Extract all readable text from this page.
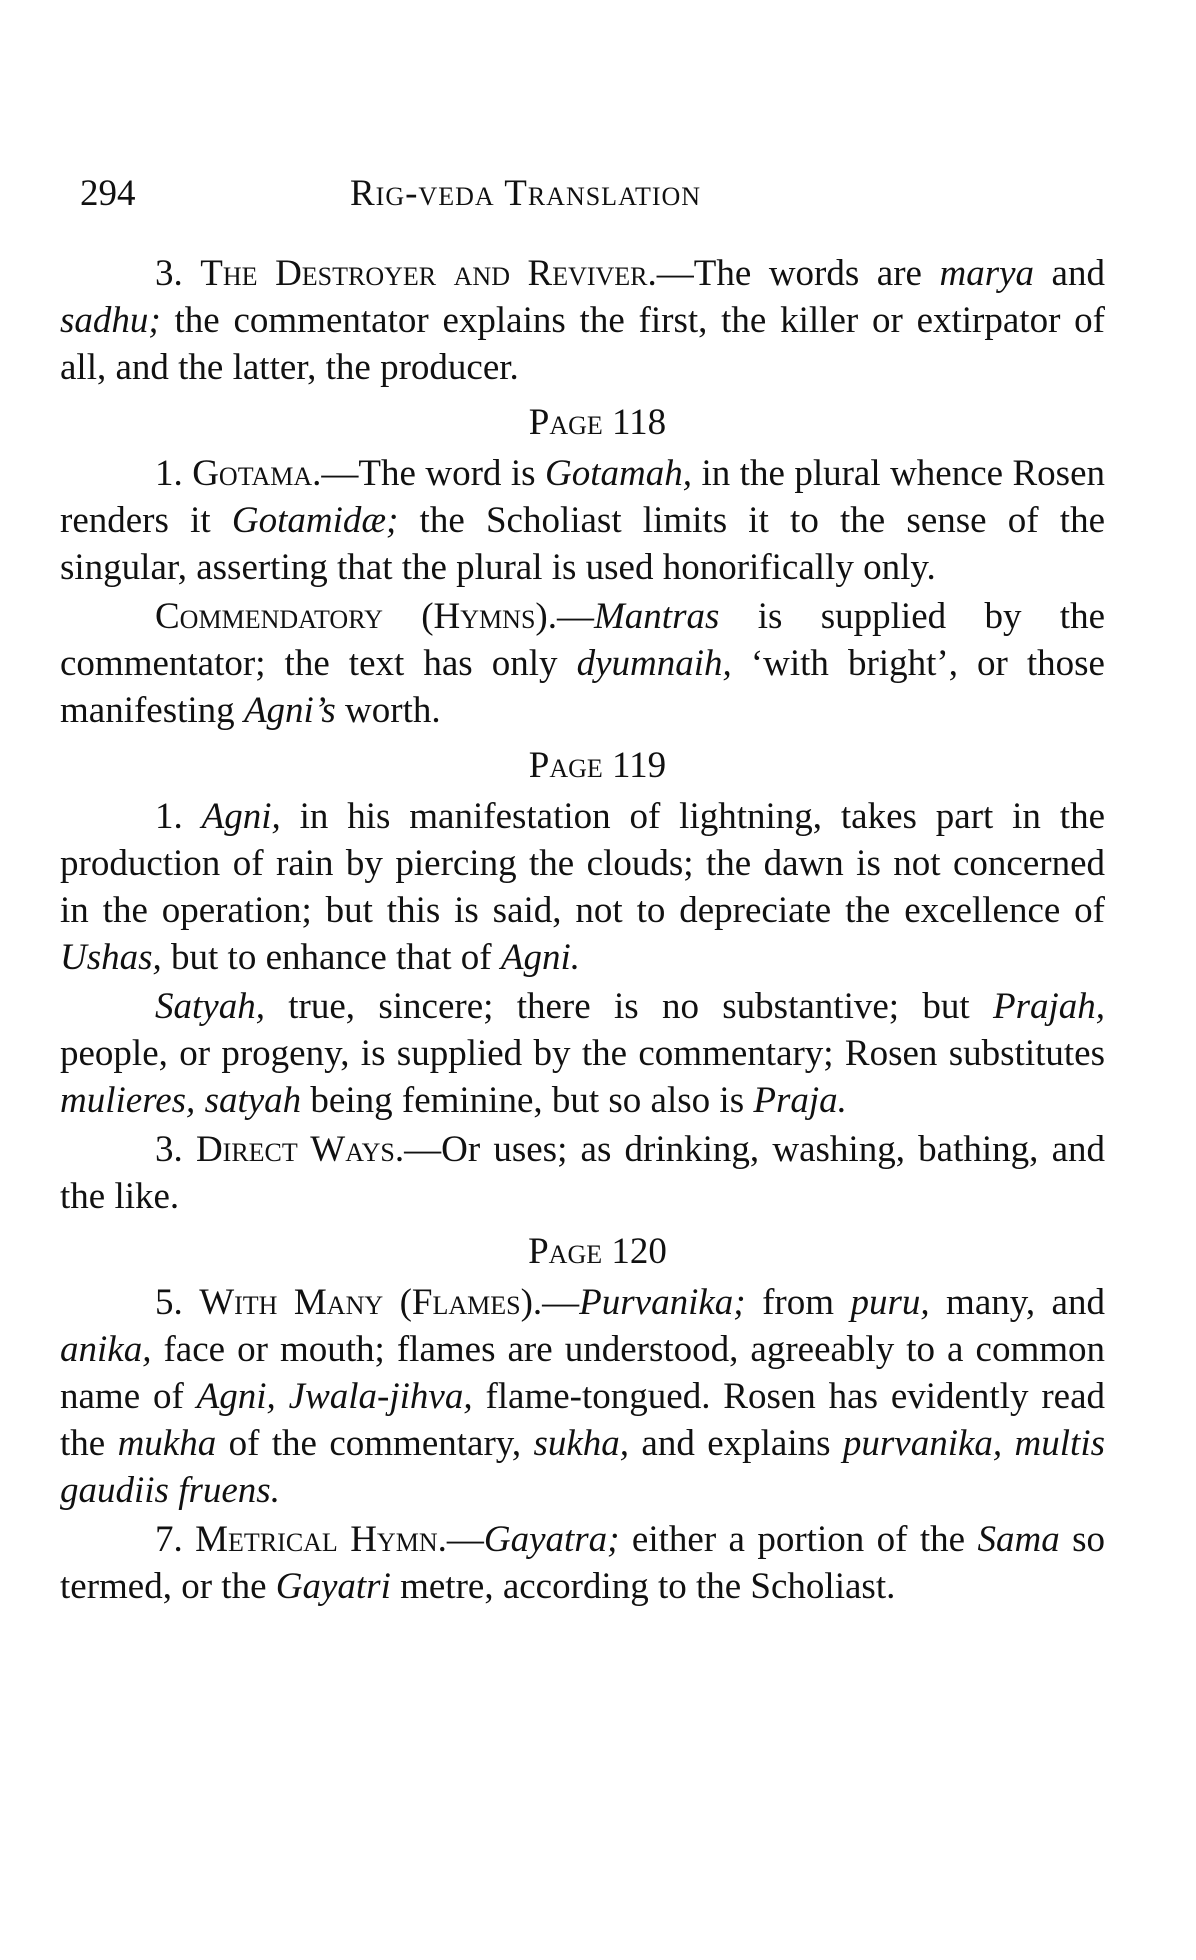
294	Rig-veda Translation

3. The Destroyer and Reviver.—The words are marya and sadhu; the commentator explains the first, the killer or extirpator of all, and the latter, the producer.

Page 118

1. Gotama.—The word is Gotamah, in the plural whence Rosen renders it Gotamidæ; the Scholiast limits it to the sense of the singular, asserting that the plural is used honorifically only.

Commendatory (Hymns).—Mantras is supplied by the commentator; the text has only dyumnaih, ‘with bright’, or those manifesting Agni’s worth.

Page 119

1. Agni, in his manifestation of lightning, takes part in the production of rain by piercing the clouds; the dawn is not concerned in the operation; but this is said, not to depreciate the excellence of Ushas, but to enhance that of Agni.

Satyah, true, sincere; there is no substantive; but Prajah, people, or progeny, is supplied by the commentary; Rosen substitutes mulieres, satyah being feminine, but so also is Praja.

3. Direct Ways.—Or uses; as drinking, washing, bathing, and the like.

Page 120

5. With Many (Flames).—Purvanika; from puru, many, and anika, face or mouth; flames are understood, agreeably to a common name of Agni, Jwala-jihva, flame-tongued. Rosen has evidently read the mukha of the commentary, sukha, and explains purvanika, multis gaudiis fruens.

7. Metrical Hymn.—Gayatra; either a portion of the Sama so termed, or the Gayatri metre, according to the Scholiast.
